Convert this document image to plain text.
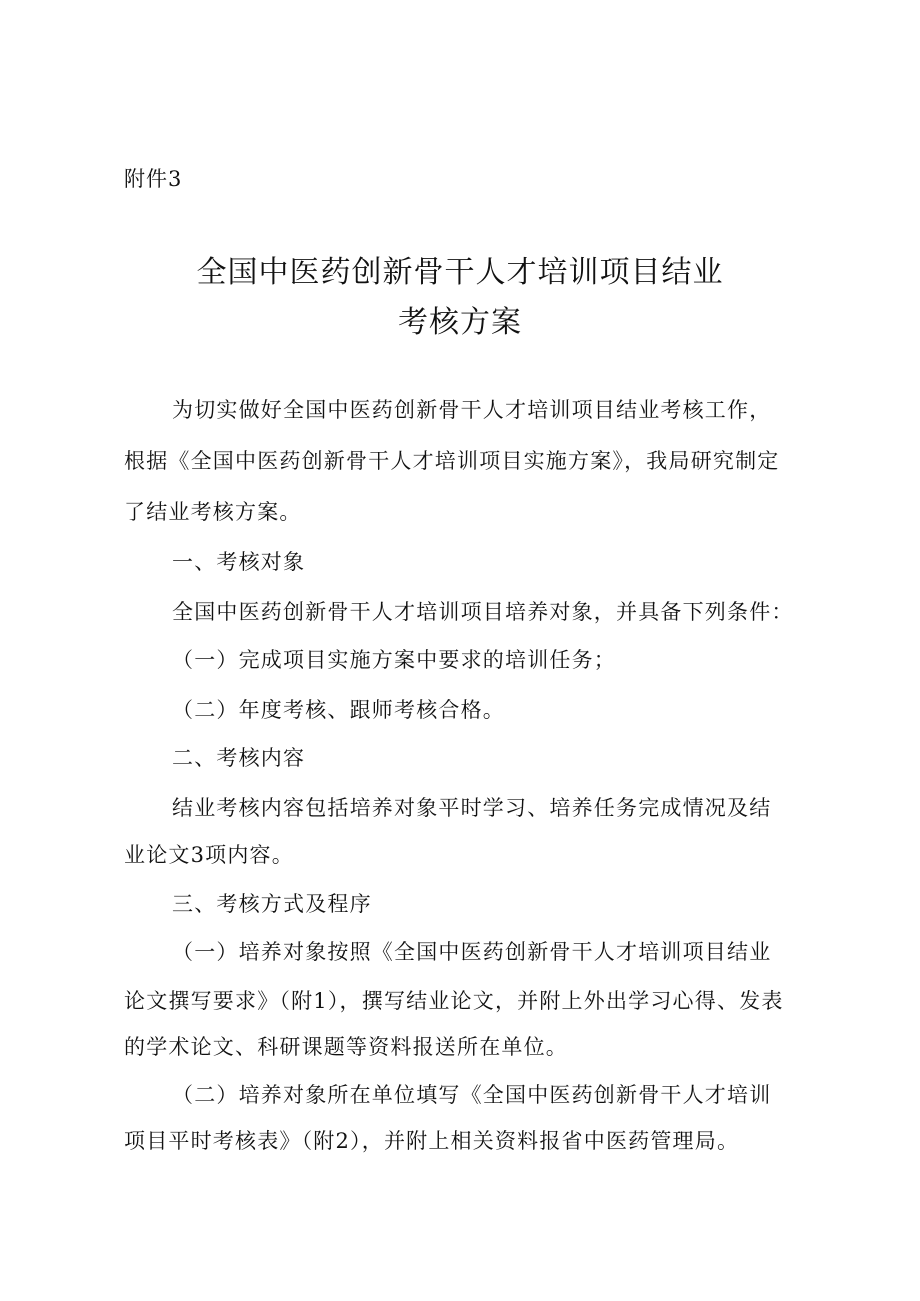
附件3
全国中医药创新骨干人才培训项目结业
考核方案
为切实做好全国中医药创新骨干人才培训项目结业考核工作，
根据《全国中医药创新骨干人才培训项目实施方案》，我局研究制定
了结业考核方案。
一、考核对象
全国中医药创新骨干人才培训项目培养对象，并具备下列条件：
（一）完成项目实施方案中要求的培训任务；
（二）年度考核、跟师考核合格。
二、考核内容
结业考核内容包括培养对象平时学习、培养任务完成情况及结
业论文3项内容。
三、考核方式及程序
（一）培养对象按照《全国中医药创新骨干人才培训项目结业
论文撰写要求》（附1），撰写结业论文，并附上外出学习心得、发表
的学术论文、科研课题等资料报送所在单位。
（二）培养对象所在单位填写《全国中医药创新骨干人才培训
项目平时考核表》（附2），并附上相关资料报省中医药管理局。
